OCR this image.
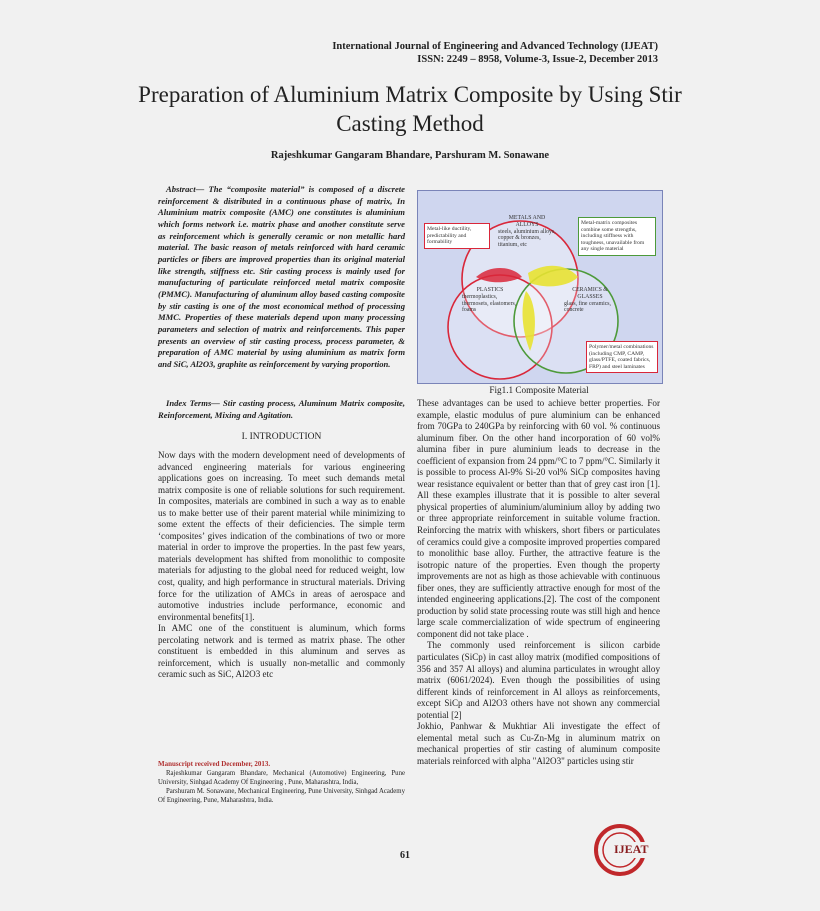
International Journal of Engineering and Advanced Technology (IJEAT)
ISSN: 2249 – 8958, Volume-3, Issue-2, December 2013
Preparation of Aluminium Matrix Composite by Using Stir Casting Method
Rajeshkumar Gangaram Bhandare, Parshuram M. Sonawane
Abstract— The “composite material” is composed of a discrete reinforcement & distributed in a continuous phase of matrix, In Aluminium matrix composite (AMC) one constitutes is aluminium which forms network i.e. matrix phase and another constitute serve as reinforcement which is generally ceramic or non metallic hard material. The basic reason of metals reinforced with hard ceramic particles or fibers are improved properties than its original material like strength, stiffness etc. Stir casting process is mainly used for manufacturing of particulate reinforced metal matrix composite (PMMC). Manufacturing of aluminum alloy based casting composite by stir casting is one of the most economical method of processing MMC. Properties of these materials depend upon many processing parameters and selection of matrix and reinforcements. This paper presents an overview of stir casting process, process parameter, & preparation of AMC material by using aluminium as matrix form and SiC, Al2O3, graphite as reinforcement by varying proportion.
Index Terms— Stir casting process, Aluminum Matrix composite, Reinforcement, Mixing and Agitation.
I. INTRODUCTION

Now days with the modern development need of developments of advanced engineering materials for various engineering applications goes on increasing. To meet such demands metal matrix composite is one of reliable solutions for such requirement. In composites, materials are combined in such a way as to enable us to make better use of their parent material while minimizing to some extent the effects of their deficiencies. The simple term ‘composites’ gives indication of the combinations of two or more material in order to improve the properties. In the past few years, materials development has shifted from monolithic to composite materials for adjusting to the global need for reduced weight, low cost, quality, and high performance in structural materials. Driving force for the utilization of AMCs in areas of aerospace and automotive industries include performance, economic and environmental benefits[1].

In AMC one of the constituent is aluminum, which forms percolating network and is termed as matrix phase. The other constituent is embedded in this aluminum and serves as reinforcement, which is usually non-metallic and commonly ceramic such as SiC, Al2O3 etc

Manuscript received December, 2013.
Rajeshkumar Gangaram Bhandare, Mechanical (Automotive) Engineering, Pune University, Sinhgad Academy Of Engineering , Pune, Maharashtra, India,
Parshuram M. Sonawane, Mechanical Engineering, Pune University, Sinhgad Academy Of Engineering, Pune, Maharashtra, India.
Metal-like ductility, predictability and formability
Metal-matrix composites combine some strengths, including stiffness with toughness, unavailable from any single material
Polymer/metal combinations (including CMP, CAMP, glass/PTFE, coated fabrics, FRP) and steel laminates
METALS AND ALLOYS
steels, aluminium alloys, copper & bronzes, titanium, etc
PLASTICS
thermoplastics, thermosets, elastomers, foams
CERAMICS & GLASSES
glass, fine ceramics, concrete
Fig1.1 Composite Material

These advantages can be used to achieve better properties. For example, elastic modulus of pure aluminium can be enhanced from 70GPa to 240GPa by reinforcing with 60 vol. % continuous aluminum fiber. On the other hand incorporation of 60 vol% alumina fiber in pure aluminium leads to decrease in the coefficient of expansion from 24 ppm/°C to 7 ppm/°C. Similarly it is possible to process Al-9% Si-20 vol% SiCp composites having wear resistance equivalent or better than that of grey cast iron [1]. All these examples illustrate that it is possible to alter several physical properties of aluminium/aluminium alloy by adding two or three appropriate reinforcement in suitable volume fraction. Reinforcing the matrix with whiskers, short fibers or particulates of ceramics could give a composite improved properties compared to monolithic base alloy. Further, the attractive feature is the isotropic nature of the properties. Even though the property improvements are not as high as those achievable with continuous fiber ones, they are sufficiently attractive enough for most of the intended engineering applications.[2]. The cost of the component production by solid state processing route was still high and hence large scale commercialization of wide spectrum of engineering component did not take place .

The commonly used reinforcement is silicon carbide particulates (SiCp) in cast alloy matrix (modified compositions of 356 and 357 Al alloys) and alumina particulates in wrought alloy matrix (6061/2024). Even though the possibilities of using different kinds of reinforcement in Al alloys as reinforcements, except SiCp and Al2O3 others have not shown any commercial potential [2]

Jokhio, Panhwar & Mukhtiar Ali investigate the effect of elemental metal such as Cu-Zn-Mg in aluminum matrix on mechanical properties of stir casting of aluminum composite materials reinforced with alpha "Al2O3" particles using stir

61	IJEAT
